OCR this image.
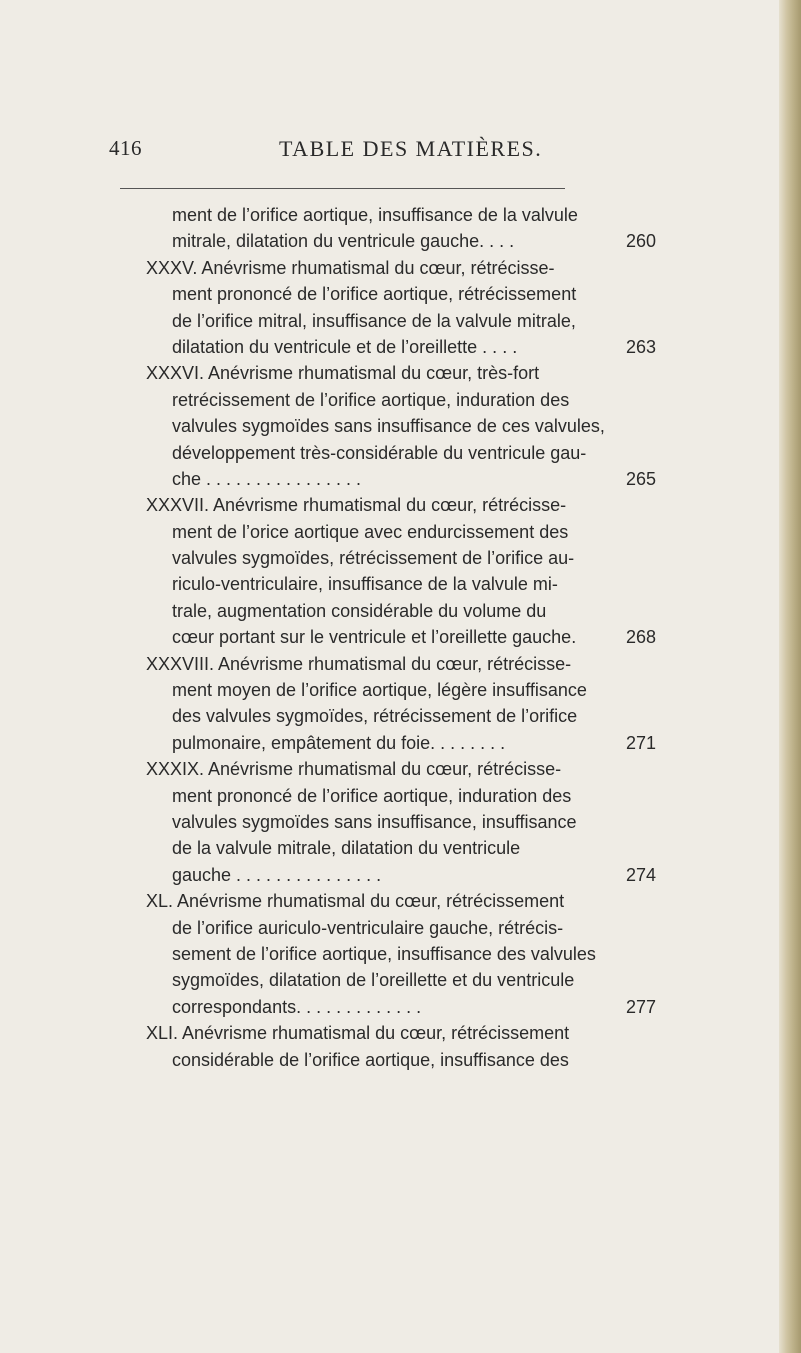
416	TABLE DES MATIÈRES.
ment de l’orifice aortique, insuffisance de la valvule
mitrale, dilatation du ventricule gauche. . . .	260
XXXV. Anévrisme rhumatismal du cœur, rétrécisse-
ment prononcé de l’orifice aortique, rétrécissement
de l’orifice mitral, insuffisance de la valvule mitrale,
dilatation du ventricule et de l’oreillette . . . .	263
XXXVI. Anévrisme rhumatismal du cœur, très-fort
retrécissement de l’orifice aortique, induration des
valvules sygmoïdes sans insuffisance de ces valvules,
développement très-considérable du ventricule gau-
che . . . . . . . . . . . . . . . .	265
XXXVII. Anévrisme rhumatismal du cœur, rétrécisse-
ment de l’orice aortique avec endurcissement des
valvules sygmoïdes, rétrécissement de l’orifice au-
riculo-ventriculaire, insuffisance de la valvule mi-
trale, augmentation considérable du volume du
cœur portant sur le ventricule et l’oreillette gauche.	268
XXXVIII. Anévrisme rhumatismal du cœur, rétrécisse-
ment moyen de l’orifice aortique, légère insuffisance
des valvules sygmoïdes, rétrécissement de l’orifice
pulmonaire, empâtement du foie. . . . . . . .	271
XXXIX. Anévrisme rhumatismal du cœur, rétrécisse-
ment prononcé de l’orifice aortique, induration des
valvules sygmoïdes sans insuffisance, insuffisance
de la valvule mitrale, dilatation du ventricule
gauche . . . . . . . . . . . . . . .	274
XL. Anévrisme rhumatismal du cœur, rétrécissement
de l’orifice auriculo-ventriculaire gauche, rétrécis-
sement de l’orifice aortique, insuffisance des valvules
sygmoïdes, dilatation de l’oreillette et du ventricule
correspondants. . . . . . . . . . . . .	277
XLI. Anévrisme rhumatismal du cœur, rétrécissement
considérable de l’orifice aortique, insuffisance des
